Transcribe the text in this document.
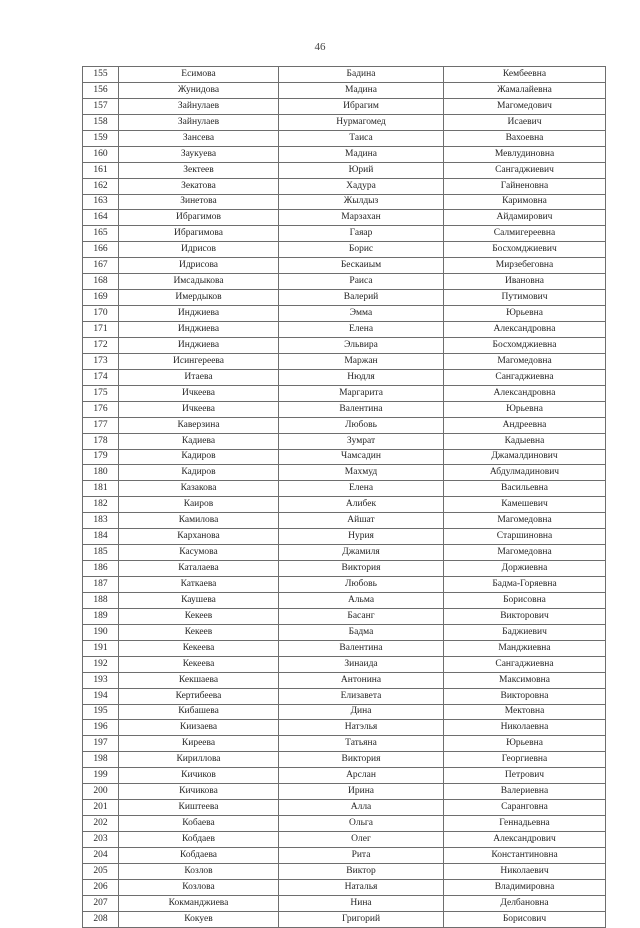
46
155	Есимова	Бадина	Кембеевна
156	Жунидова	Мадина	Жамалайевна
157	Зайнулаев	Ибрагим	Магомедович
158	Зайнулаев	Нурмагомед	Исаевич
159	Зансева	Таиса	Вахоевна
160	Заукуева	Мадина	Мевлудиновна
161	Зектеев	Юрий	Сангаджиевич
162	Зекатова	Хадура	Гайненовна
163	Зинетова	Жылдыз	Каримовна
164	Ибрагимов	Марзахан	Айдамирович
165	Ибрагимова	Гаяар	Салмигереевна
166	Идрисов	Борис	Босхомджиевич
167	Идрисова	Бескаиым	Мирзебеговна
168	Имсадыкова	Раиса	Ивановна
169	Имердыков	Валерий	Путимович
170	Инджиева	Эмма	Юрьевна
171	Инджиева	Елена	Александровна
172	Инджиева	Эльвира	Босхомджиевна
173	Исингереева	Маржан	Магомедовна
174	Итаева	Нюдля	Сангаджиевна
175	Ичкеева	Маргарита	Александровна
176	Ичкеева	Валентина	Юрьевна
177	Каверзина	Любовь	Андреевна
178	Кадиева	Зумрат	Кадыевна
179	Кадиров	Чамсадин	Джамалдинович
180	Кадиров	Махмуд	Абдулмадинович
181	Казакова	Елена	Васильевна
182	Каиров	Алибек	Камешевич
183	Камилова	Айшат	Магомедовна
184	Карханова	Нурия	Старшиновна
185	Касумова	Джамиля	Магомедовна
186	Каталаева	Виктория	Доржиевна
187	Каткаева	Любовь	Бадма-Горяевна
188	Каушева	Альма	Борисовна
189	Кекеев	Басанг	Викторович
190	Кекеев	Бадма	Баджиевич
191	Кекеева	Валентина	Манджиевна
192	Кекеева	Зинаида	Сангаджиевна
193	Кекшаева	Антонина	Максимовна
194	Кертибеева	Елизавета	Викторовна
195	Кибашева	Дина	Мектовна
196	Киизаева	Натэлья	Николаевна
197	Киреева	Татьяна	Юрьевна
198	Кириллова	Виктория	Георгиевна
199	Кичиков	Арслан	Петрович
200	Кичикова	Ирина	Валериевна
201	Киштеева	Алла	Саранговна
202	Кобаева	Ольга	Геннадьевна
203	Кобдаев	Олег	Александрович
204	Кобдаева	Рита	Константиновна
205	Козлов	Виктор	Николаевич
206	Козлова	Наталья	Владимировна
207	Кокманджиева	Нина	Делбановна
208	Кокуев	Григорий	Борисович
